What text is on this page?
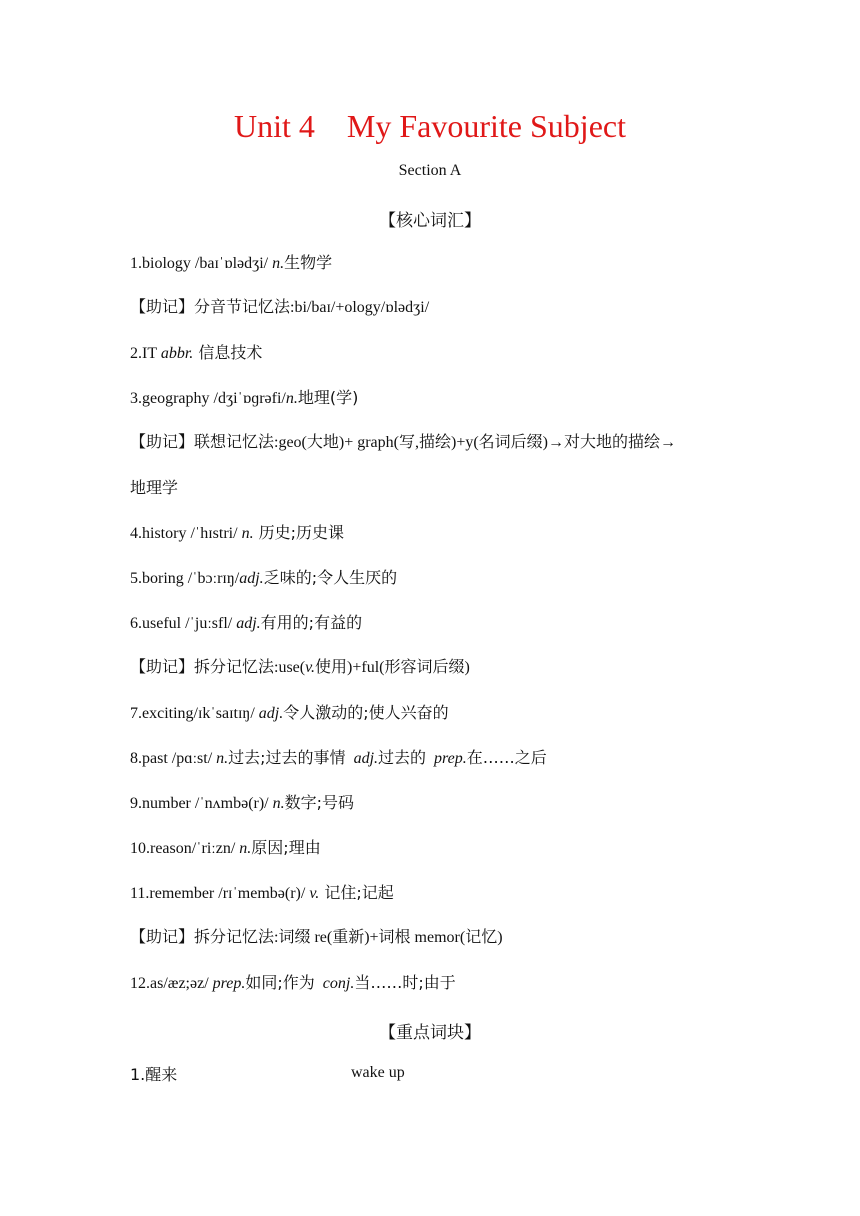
Unit 4    My Favourite Subject
Section A
【核心词汇】
1.biology /baɪˈɒlədʒi/ n.生物学
【助记】分音节记忆法:bi/baɪ/+ology/ɒlədʒi/
2.IT abbr. 信息技术
3.geography /dʒiˈɒɡrəfi/n.地理(学)
【助记】联想记忆法:geo(大地)+ graph(写,描绘)+y(名词后缀)→对大地的描绘→
地理学
4.history /ˈhɪstri/ n. 历史;历史课
5.boring /ˈbɔːrɪŋ/adj.乏味的;令人生厌的
6.useful /ˈjuːsfl/ adj.有用的;有益的
【助记】拆分记忆法:use(v.使用)+ful(形容词后缀)
7.exciting/ɪkˈsaɪtɪŋ/ adj.令人激动的;使人兴奋的
8.past /pɑːst/ n.过去;过去的事情 adj.过去的 prep.在……之后
9.number /ˈnʌmbə(r)/ n.数字;号码
10.reason/ˈriːzn/ n.原因;理由
11.remember /rɪˈmembə(r)/ v. 记住;记起
【助记】拆分记忆法:词缀 re(重新)+词根 memor(记忆)
12.as/æz;əz/ prep.如同;作为 conj.当……时;由于
【重点词块】
1.醒来	wake up
